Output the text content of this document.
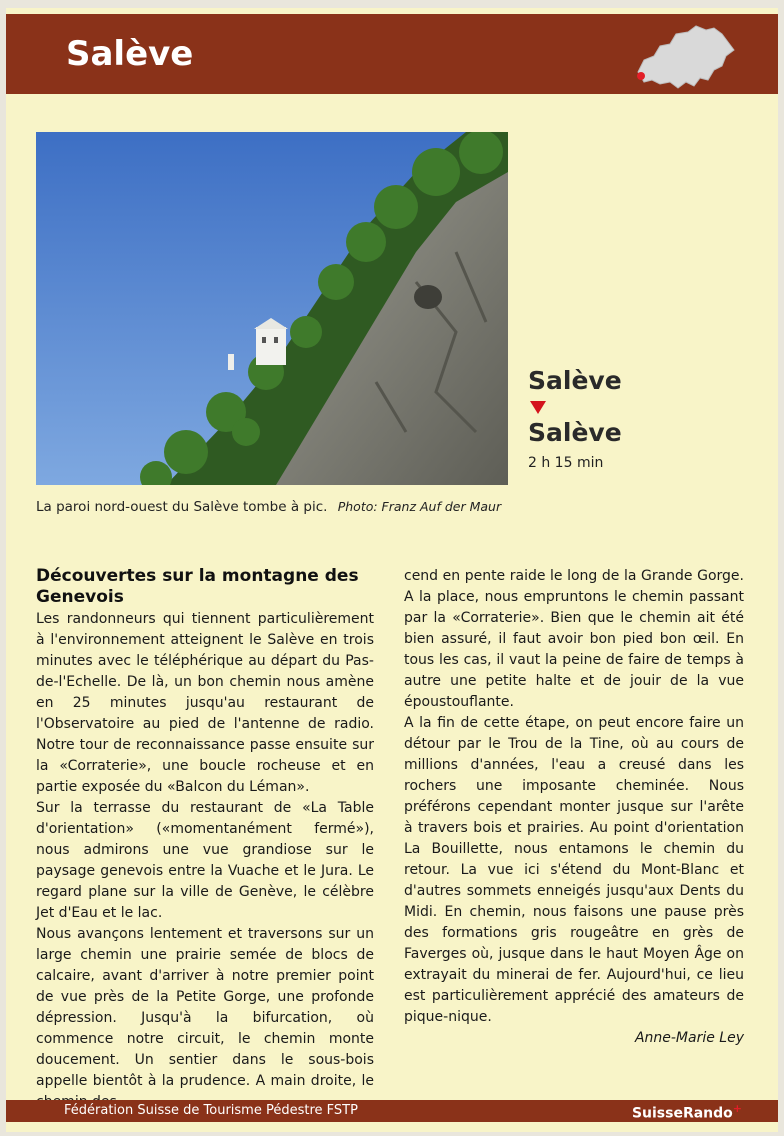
Salève
La paroi nord-ouest du Salève tombe à pic. Photo: Franz Auf der Maur
Salève
Salève
2 h 15 min
Découvertes sur la montagne des Genevois

Les randonneurs qui tiennent particulièrement à l'environnement atteignent le Salève en trois minutes avec le téléphérique au départ du Pas-de-l'Echelle. De là, un bon chemin nous amène en 25 minutes jusqu'au restaurant de l'Observatoire au pied de l'antenne de radio. Notre tour de reconnaissance passe ensuite sur la «Corraterie», une boucle rocheuse et en partie exposée du «Balcon du Léman».

Sur la terrasse du restaurant de «La Table d'orientation» («momentanément fermé»), nous admirons une vue grandiose sur le paysage genevois entre la Vuache et le Jura. Le regard plane sur la ville de Genève, le célèbre Jet d'Eau et le lac.

Nous avançons lentement et traversons sur un large chemin une prairie semée de blocs de calcaire, avant d'arriver à notre premier point de vue près de la Petite Gorge, une profonde dépression. Jusqu'à la bifurcation, où commence notre circuit, le chemin monte doucement. Un sentier dans le sous-bois appelle bientôt à la prudence. A main droite, le

cend en pente raide le long de la Grande Gorge. A la place, nous empruntons le chemin passant par la «Corraterie». Bien que le chemin ait été bien assuré, il faut avoir bon pied bon œil. En tous les cas, il vaut la peine de faire de temps à autre une petite halte et de jouir de la vue époustouflante.

A la fin de cette étape, on peut encore faire un détour par le Trou de la Tine, où au cours de millions d'années, l'eau a creusé dans les rochers une imposante cheminée. Nous préférons cependant monter jusque sur l'arête à travers bois et prairies. Au point d'orientation La Bouillette, nous entamons le chemin du retour. La vue ici s'étend du Mont-Blanc et d'autres sommets enneigés jusqu'aux Dents du Midi. En chemin, nous faisons une pause près des formations gris rougeâtre en grès de Faverges où, jusque dans le haut Moyen Âge on extrayait du minerai de fer. Aujourd'hui, ce lieu est particulièrement apprécié des amateurs de pique-nique.

Anne-Marie Ley

Fédération Suisse de Tourisme Pédestre FSTP	SuisseRando+
